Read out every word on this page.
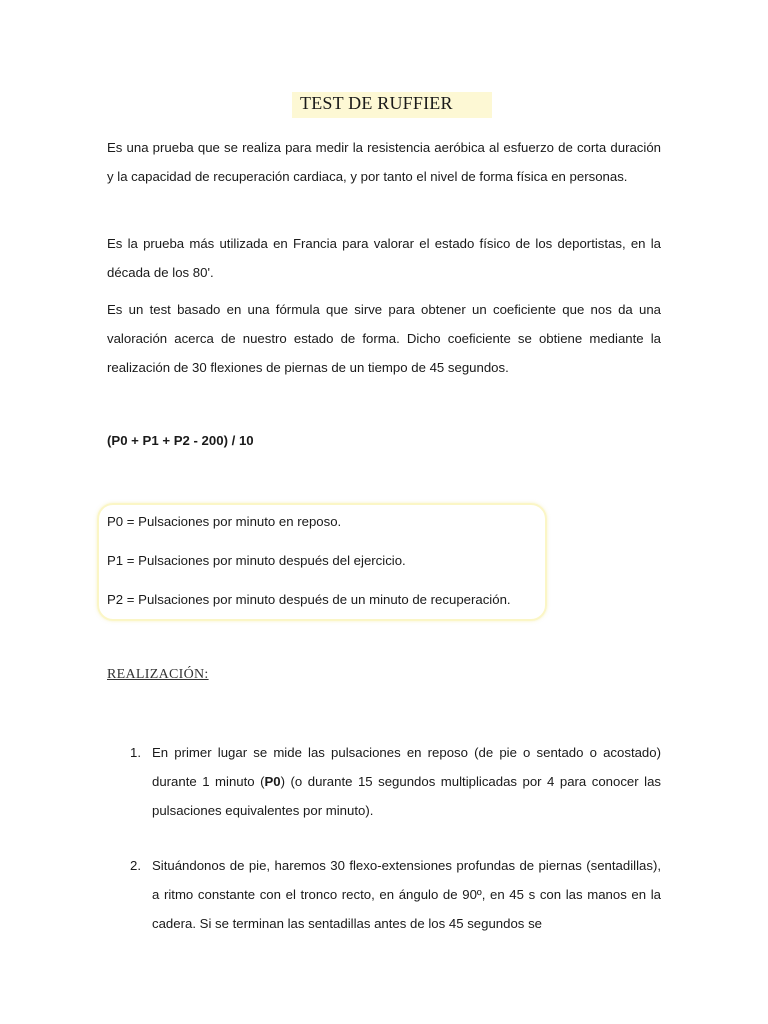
TEST DE RUFFIER

Es una prueba que se realiza para medir la resistencia aeróbica al esfuerzo de corta duración y la capacidad de recuperación cardiaca, y por tanto el nivel de forma física en personas.

Es la prueba más utilizada en Francia para valorar el estado físico de los deportistas, en la década de los 80'.

Es un test basado en una fórmula que sirve para obtener un coeficiente que nos da una valoración acerca de nuestro estado de forma. Dicho coeficiente se obtiene mediante la realización de 30 flexiones de piernas de un tiempo de 45 segundos.

(P0 + P1 + P2 - 200) / 10

P0 = Pulsaciones por minuto en reposo.

P1 = Pulsaciones por minuto después del ejercicio.

P2 = Pulsaciones por minuto después de un minuto de recuperación.

REALIZACIÓN:
1. En primer lugar se mide las pulsaciones en reposo (de pie o sentado o acostado) durante 1 minuto (P0) (o durante 15 segundos multiplicadas por 4 para conocer las pulsaciones equivalentes por minuto).

2. Situándonos de pie, haremos 30 flexo-extensiones profundas de piernas (sentadillas), a ritmo constante con el tronco recto, en ángulo de 90º, en 45 s con las manos en la cadera. Si se terminan las sentadillas antes de los 45 segundos se
